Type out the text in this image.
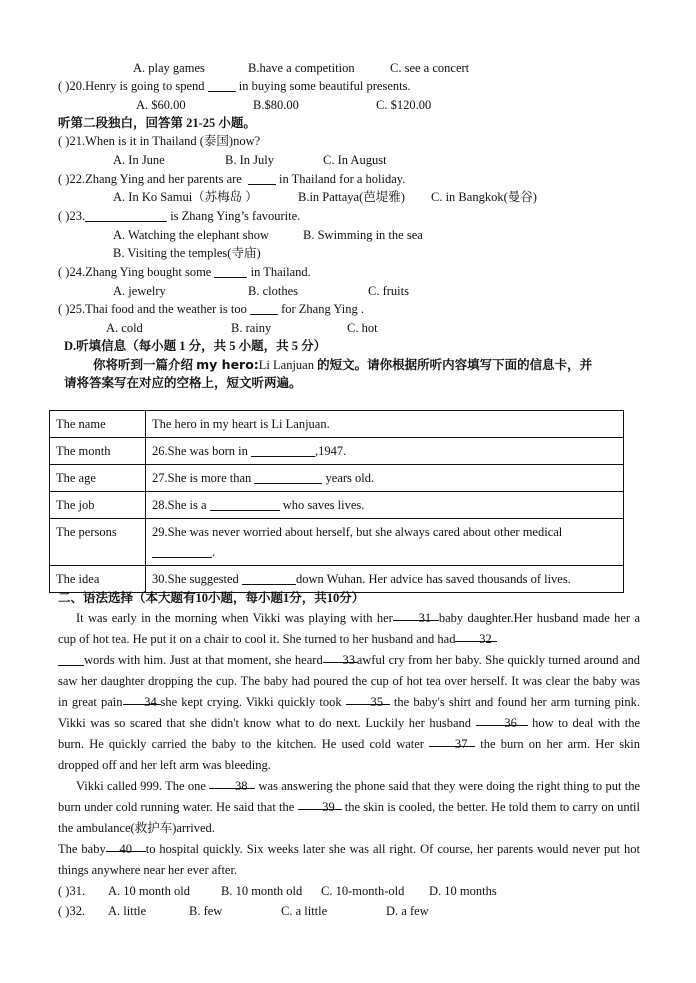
A. play games	B.have a competition	C. see a concert
( )20.Henry is going to spend  in buying some beautiful presents.
A. $60.00	B.$80.00	C. $120.00
听第二段独白，回答第 21-25 小题。
( )21.When is it in Thailand (泰国)now?
A. In June	B. In July	C. In August
( )22.Zhang Ying and her parents are	in Thailand for a holiday.
A. In Ko Samui（苏梅岛 ）	B.in Pattaya(芭堤雅) C. in Bangkok(曼谷)
( )23.	is Zhang Ying’s favourite.
A. Watching the elephant show	B. Swimming in the sea
B. Visiting the temples(寺庙)
( )24.Zhang Ying bought some	in Thailand.
A. jewelry	B. clothes	C. fruits
( )25.Thai food and the weather is too  for Zhang Ying .
A. cold	B. rainy	C. hot
D.听填信息（每小题 1 分，共 5 小题，共 5 分）
你将听到一篇介绍 my hero:Li Lanjuan 的短文。请你根据所听内容填写下面的信息卡，并
请将答案写在对应的空格上，短文听两遍。
The name	The hero in my heart is Li Lanjuan.
The month	26.She was born in ,1947.
The age	27.She is more than years old.
The job	28.She is a who saves lives.
The persons	29.She was never worried about herself, but she always cared about other medical
.
The idea	30.She suggested down Wuhan. Her advice has saved thousands of lives.
二、语法选择（本大题有10小题，每小题1分，共10分）
It was early in the morning when Vikki was playing with her 31 baby daughter.Her husband made her a cup of hot tea. He put it on a chair to cool it. She turned to her husband and had 32
words with him. Just at that moment, she heard 33 awful cry from her baby. She quickly turned around and saw her daughter dropping the cup. The baby had poured the cup of hot tea over herself. It was clear the baby was in great pain 34 she kept crying. Vikki quickly took 35 the baby's shirt and found her arm turning pink. Vikki was so scared that she didn't know what to do next. Luckily her husband	36 how to deal with the burn. He quickly carried the baby to the kitchen. He used cold water 37 the burn on her arm. Her skin dropped off and her left arm was bleeding.
Vikki called 999. The one 38 was answering the phone said that they were doing the right thing to put the burn under cold running water. He said that the 39 the skin is cooled, the better. He told them to carry on until the ambulance(救护车)arrived.
The baby 40 to hospital quickly. Six weeks later she was all right. Of course, her parents would never put hot things anywhere near her ever after.
( )31. A. 10 month old B. 10 month old C. 10-month-old D. 10 months
( )32. A. little	B. few	C. a little	D. a few
